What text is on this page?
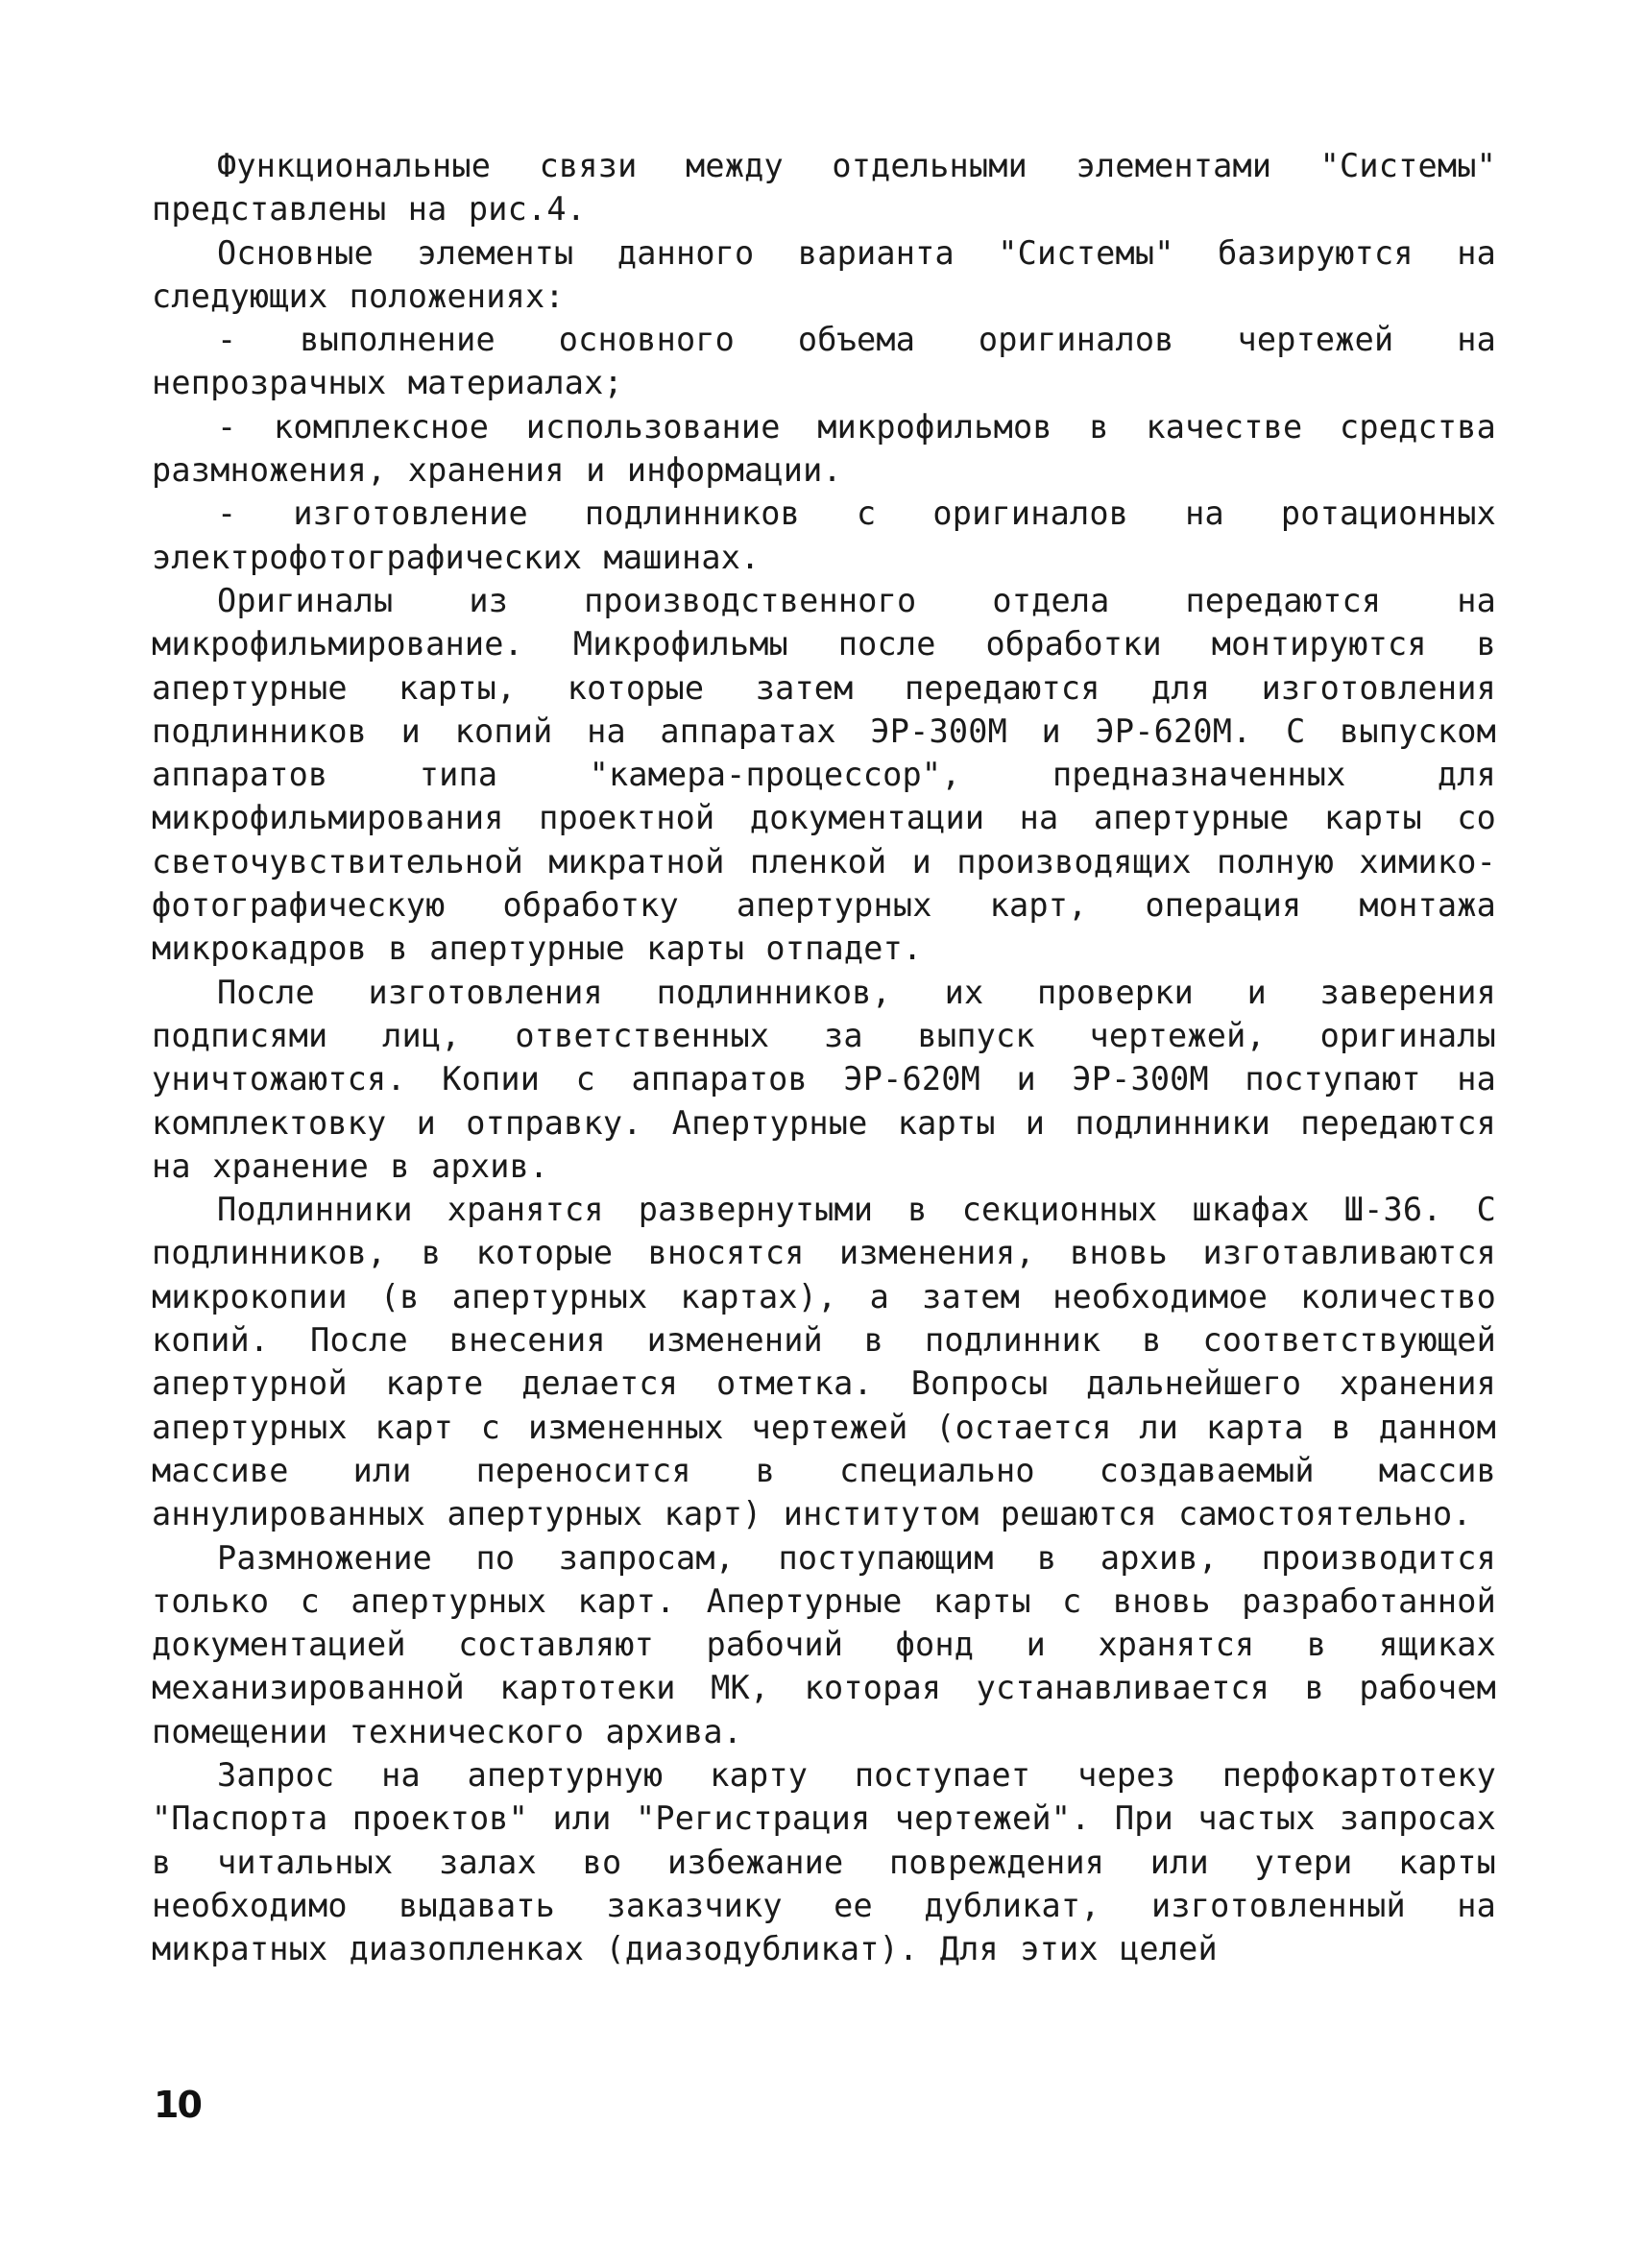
Функциональные связи между отдельными элементами "Системы" представлены на рис.4.

Основные элементы данного варианта "Системы" базируются на следующих положениях:

- выполнение основного объема оригиналов чертежей на непрозрачных материалах;

- комплексное использование микрофильмов в качестве средства размножения, хранения и информации.

- изготовление подлинников с оригиналов на ротационных электрофотографических машинах.

Оригиналы из производственного отдела передаются на микрофильмирование. Микрофильмы после обработки монтируются в апертурные карты, которые затем передаются для изготовления подлинников и копий на аппаратах ЭР-300М и ЭР-620М. С выпуском аппаратов типа "камера-процессор", предназначенных для микрофильмирования проектной документации на апертурные карты со светочувствительной микратной пленкой и производящих полную химико-фотографическую обработку апертурных карт, операция монтажа микрокадров в апертурные карты отпадет.

После изготовления подлинников, их проверки и заверения подписями лиц, ответственных за выпуск чертежей, оригиналы уничтожаются. Копии с аппаратов ЭР-620М и ЭР-300М поступают на комплектовку и отправку. Апертурные карты и подлинники передаются на хранение в архив.

Подлинники хранятся развернутыми в секционных шкафах Ш-36. С подлинников, в которые вносятся изменения, вновь изготавливаются микрокопии (в апертурных картах), а затем необходимое количество копий. После внесения изменений в подлинник в соответствующей апертурной карте делается отметка. Вопросы дальнейшего хранения апертурных карт с измененных чертежей (остается ли карта в данном массиве или переносится в специально создаваемый массив аннулированных апертурных карт) институтом решаются самостоятельно.

Размножение по запросам, поступающим в архив, производится только с апертурных карт. Апертурные карты с вновь разработанной документацией составляют рабочий фонд и хранятся в ящиках механизированной картотеки МК, которая устанавливается в рабочем помещении технического архива.

Запрос на апертурную карту поступает через перфокартотеку "Паспорта проектов" или "Регистрация чертежей". При частых запросах в читальных залах во избежание повреждения или утери карты необходимо выдавать заказчику ее дубликат, изготовленный на микратных диазопленках (диазодубликат). Для этих целей

10
